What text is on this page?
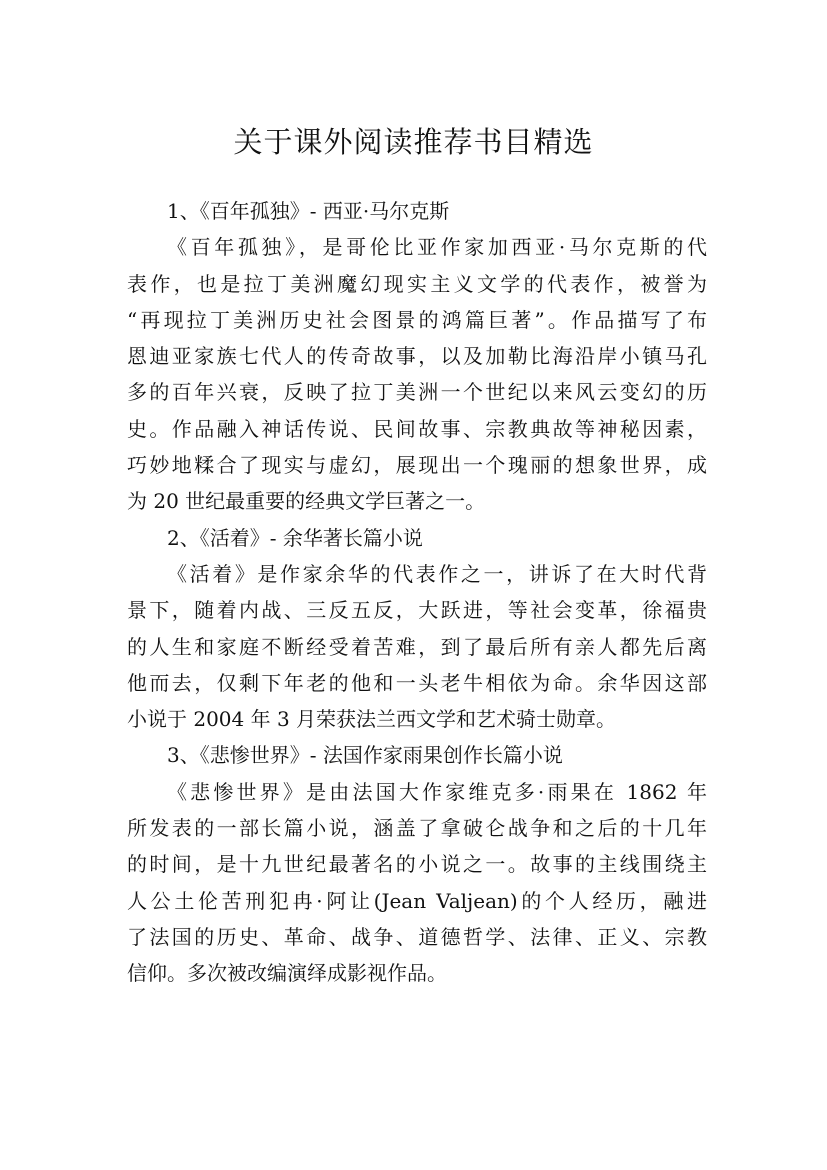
关于课外阅读推荐书目精选
1、《百年孤独》- 西亚·马尔克斯
《百年孤独》，是哥伦比亚作家加西亚·马尔克斯的代
表作，也是拉丁美洲魔幻现实主义文学的代表作，被誉为
“再现拉丁美洲历史社会图景的鸿篇巨著”。作品描写了布
恩迪亚家族七代人的传奇故事，以及加勒比海沿岸小镇马孔
多的百年兴衰，反映了拉丁美洲一个世纪以来风云变幻的历
史。作品融入神话传说、民间故事、宗教典故等神秘因素，
巧妙地糅合了现实与虚幻，展现出一个瑰丽的想象世界，成
为 20 世纪最重要的经典文学巨著之一。
2、《活着》- 余华著长篇小说
《活着》是作家余华的代表作之一，讲诉了在大时代背
景下，随着内战、三反五反，大跃进，等社会变革，徐福贵
的人生和家庭不断经受着苦难，到了最后所有亲人都先后离
他而去，仅剩下年老的他和一头老牛相依为命。余华因这部
小说于 2004 年 3 月荣获法兰西文学和艺术骑士勋章。
3、《悲惨世界》- 法国作家雨果创作长篇小说
《悲惨世界》是由法国大作家维克多·雨果在 1862 年
所发表的一部长篇小说，涵盖了拿破仑战争和之后的十几年
的时间，是十九世纪最著名的小说之一。故事的主线围绕主
人公土伦苦刑犯冉·阿让(Jean Valjean)的个人经历，融进
了法国的历史、革命、战争、道德哲学、法律、正义、宗教
信仰。多次被改编演绎成影视作品。
